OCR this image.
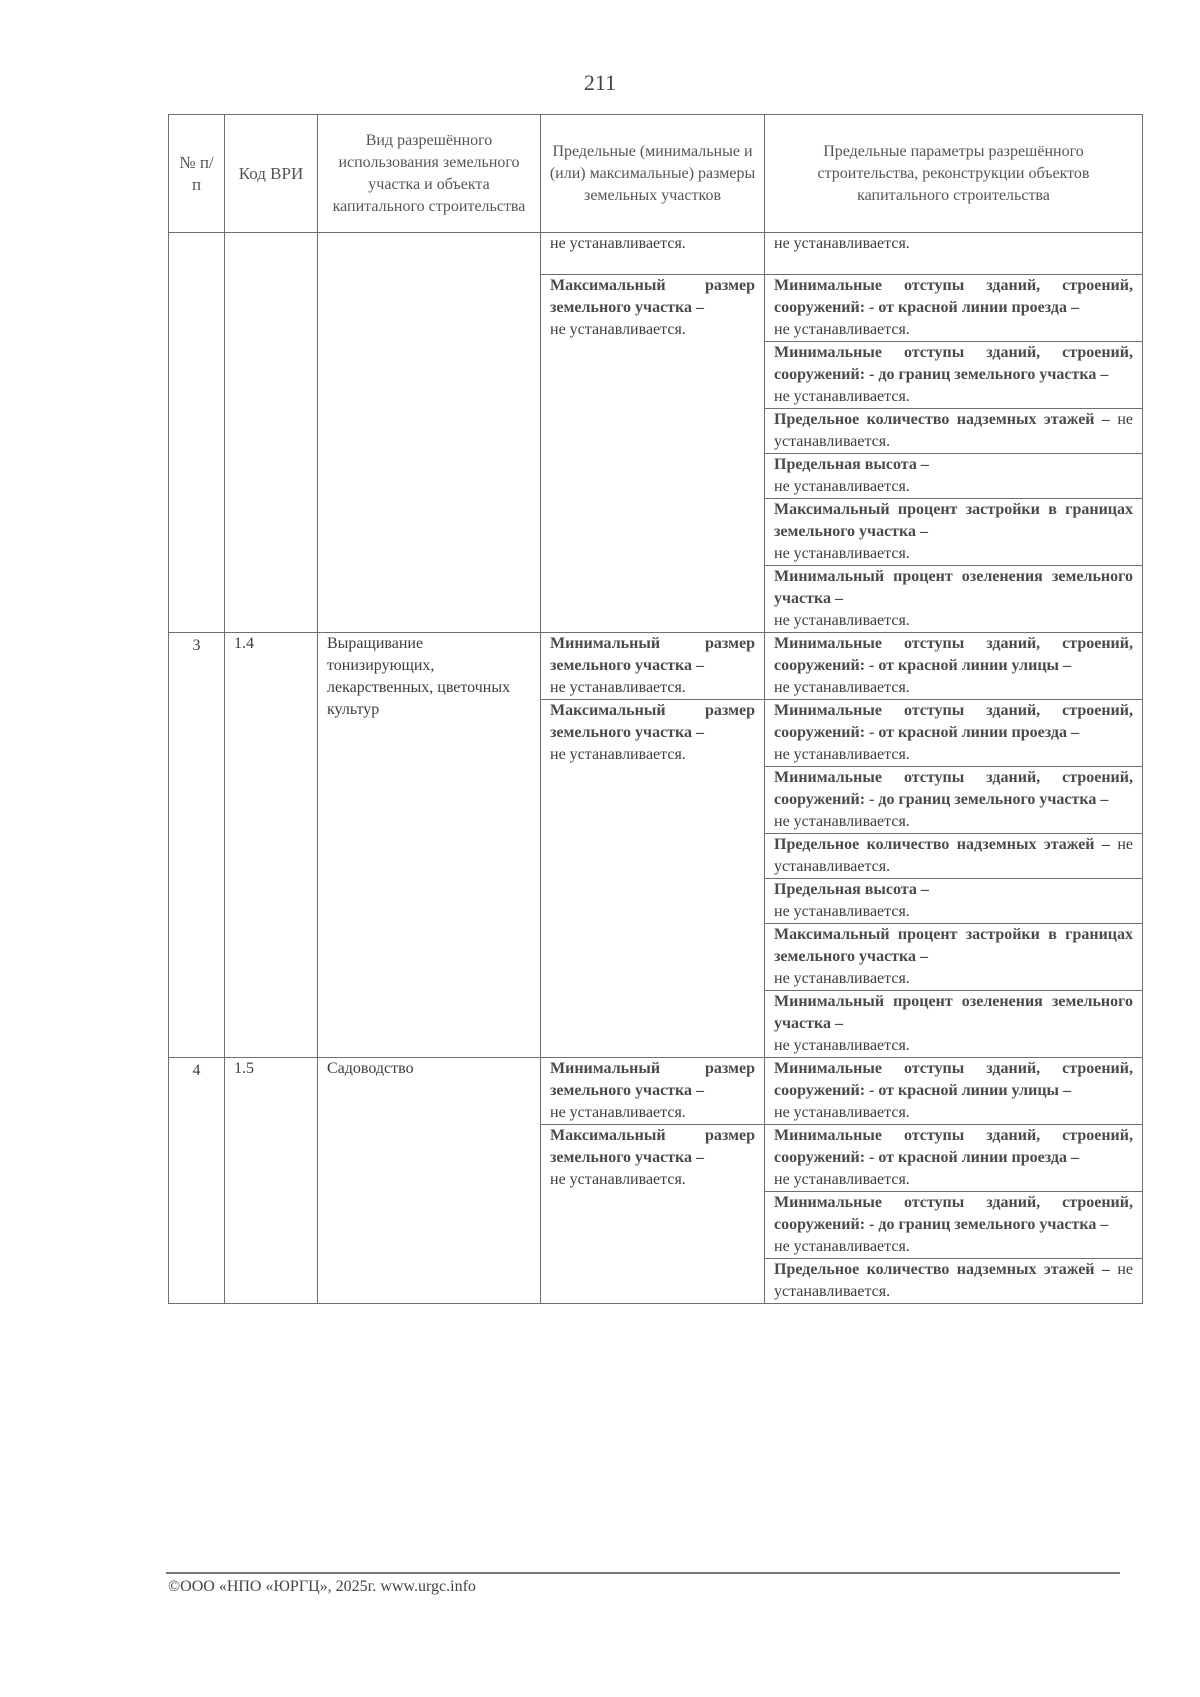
211
№ п/п	Код ВРИ	Вид разрешённого использования земельного участка и объекта капитального строительства	Предельные (минимальные и (или) максимальные) размеры земельных участков	Предельные параметры разрешённого строительства, реконструкции объектов капитального строительства
			не устанавливается.	не устанавливается.
			Максимальный размер земельного участка –
не устанавливается.	Минимальные отступы зданий, строений, сооружений: - от красной линии проезда –
не устанавливается.
				Минимальные отступы зданий, строений, сооружений: - до границ земельного участка –
не устанавливается.
				Предельное количество надземных этажей – не устанавливается.
				Предельная высота –
не устанавливается.
				Максимальный процент застройки в границах земельного участка –
не устанавливается.
				Минимальный процент озеленения земельного участка –
не устанавливается.

3	1.4	Выращивание тонизирующих, лекарственных, цветочных культур	Минимальный размер земельного участка –
не устанавливается.	Минимальные отступы зданий, строений, сооружений: - от красной линии улицы –
не устанавливается.
			Максимальный размер земельного участка –
не устанавливается.	Минимальные отступы зданий, строений, сооружений: - от красной линии проезда –
не устанавливается.
				Минимальные отступы зданий, строений, сооружений: - до границ земельного участка –
не устанавливается.
				Предельное количество надземных этажей – не устанавливается.
				Предельная высота –
не устанавливается.
				Максимальный процент застройки в границах земельного участка –
не устанавливается.
				Минимальный процент озеленения земельного участка –
не устанавливается.
4	1.5	Садоводство	Минимальный размер земельного участка –
не устанавливается.	Минимальные отступы зданий, строений, сооружений: - от красной линии улицы –
не устанавливается.
			Максимальный размер земельного участка –
не устанавливается.	Минимальные отступы зданий, строений, сооружений: - от красной линии проезда –
не устанавливается.
				Минимальные отступы зданий, строений, сооружений: - до границ земельного участка –
не устанавливается.
				Предельное количество надземных этажей – не устанавливается.
©ООО «НПО «ЮРГЦ», 2025г. www.urgc.info
